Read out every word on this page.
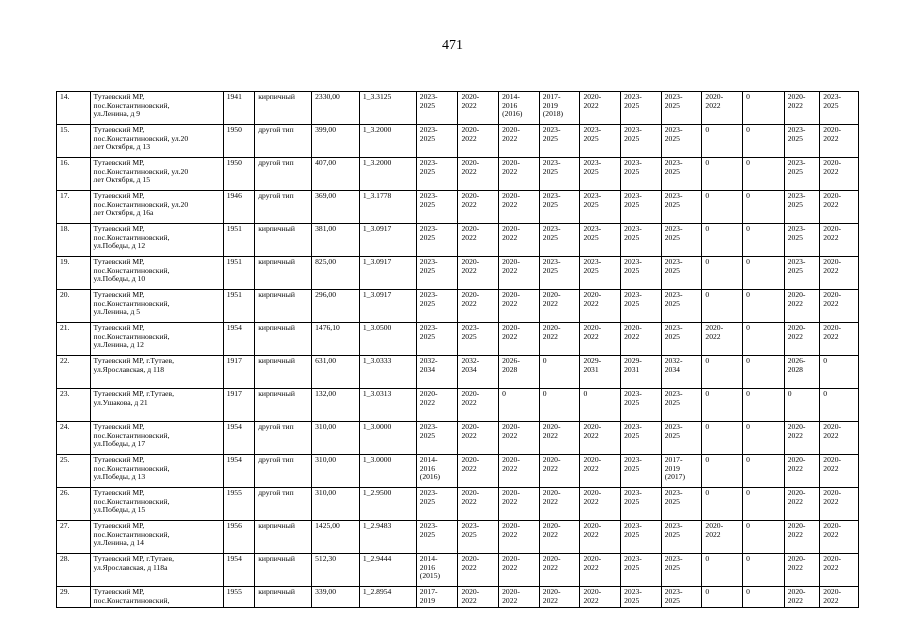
471
14.	Тутаевский МР,
пос.Константиновский,
ул.Ленина, д 9	1941	кирпичный	2330,00	1_3.3125	2023-
2025	2020-
2022	2014-
2016
(2016)	2017-
2019
(2018)	2020-
2022	2023-
2025	2023-
2025	2020-
2022	0	2020-
2022	2023-
2025
15.	Тутаевский МР,
пос.Константиновский, ул.20
лет Октября, д 13	1950	другой тип	399,00	1_3.2000	2023-
2025	2020-
2022	2020-
2022	2023-
2025	2023-
2025	2023-
2025	2023-
2025	0	0	2023-
2025	2020-
2022
16.	Тутаевский МР,
пос.Константиновский, ул.20
лет Октября, д 15	1950	другой тип	407,00	1_3.2000	2023-
2025	2020-
2022	2020-
2022	2023-
2025	2023-
2025	2023-
2025	2023-
2025	0	0	2023-
2025	2020-
2022
17.	Тутаевский МР,
пос.Константиновский, ул.20
лет Октября, д 16а	1946	другой тип	369,00	1_3.1778	2023-
2025	2020-
2022	2020-
2022	2023-
2025	2023-
2025	2023-
2025	2023-
2025	0	0	2023-
2025	2020-
2022
18.	Тутаевский МР,
пос.Константиновский,
ул.Победы, д 12	1951	кирпичный	381,00	1_3.0917	2023-
2025	2020-
2022	2020-
2022	2023-
2025	2023-
2025	2023-
2025	2023-
2025	0	0	2023-
2025	2020-
2022
19.	Тутаевский МР,
пос.Константиновский,
ул.Победы, д 10	1951	кирпичный	825,00	1_3.0917	2023-
2025	2020-
2022	2020-
2022	2023-
2025	2023-
2025	2023-
2025	2023-
2025	0	0	2023-
2025	2020-
2022
20.	Тутаевский МР,
пос.Константиновский,
ул.Ленина, д 5	1951	кирпичный	296,00	1_3.0917	2023-
2025	2020-
2022	2020-
2022	2020-
2022	2020-
2022	2023-
2025	2023-
2025	0	0	2020-
2022	2020-
2022
21.	Тутаевский МР,
пос.Константиновский,
ул.Ленина, д 12	1954	кирпичный	1476,10	1_3.0500	2023-
2025	2023-
2025	2020-
2022	2020-
2022	2020-
2022	2020-
2022	2023-
2025	2020-
2022	0	2020-
2022	2020-
2022
22.	Тутаевский МР, г.Тутаев,
ул.Ярославская, д 118	1917	кирпичный	631,00	1_3.0333	2032-
2034	2032-
2034	2026-
2028	0	2029-
2031	2029-
2031	2032-
2034	0	0	2026-
2028	0
23.	Тутаевский МР, г.Тутаев,
ул.Ушакова, д 21	1917	кирпичный	132,00	1_3.0313	2020-
2022	2020-
2022	0	0	0	2023-
2025	2023-
2025	0	0	0	0
24.	Тутаевский МР,
пос.Константиновский,
ул.Победы, д 17	1954	другой тип	310,00	1_3.0000	2023-
2025	2020-
2022	2020-
2022	2020-
2022	2020-
2022	2023-
2025	2023-
2025	0	0	2020-
2022	2020-
2022
25.	Тутаевский МР,
пос.Константиновский,
ул.Победы, д 13	1954	другой тип	310,00	1_3.0000	2014-
2016
(2016)	2020-
2022	2020-
2022	2020-
2022	2020-
2022	2023-
2025	2017-
2019
(2017)	0	0	2020-
2022	2020-
2022
26.	Тутаевский МР,
пос.Константиновский,
ул.Победы, д 15	1955	другой тип	310,00	1_2.9500	2023-
2025	2020-
2022	2020-
2022	2020-
2022	2020-
2022	2023-
2025	2023-
2025	0	0	2020-
2022	2020-
2022
27.	Тутаевский МР,
пос.Константиновский,
ул.Ленина, д 14	1956	кирпичный	1425,00	1_2.9483	2023-
2025	2023-
2025	2020-
2022	2020-
2022	2020-
2022	2023-
2025	2023-
2025	2020-
2022	0	2020-
2022	2020-
2022
28.	Тутаевский МР, г.Тутаев,
ул.Ярославская, д 118а	1954	кирпичный	512,30	1_2.9444	2014-
2016
(2015)	2020-
2022	2020-
2022	2020-
2022	2020-
2022	2023-
2025	2023-
2025	0	0	2020-
2022	2020-
2022
29.	Тутаевский МР,
пос.Константиновский,	1955	кирпичный	339,00	1_2.8954	2017-
2019	2020-
2022	2020-
2022	2020-
2022	2020-
2022	2023-
2025	2023-
2025	0	0	2020-
2022	2020-
2022
